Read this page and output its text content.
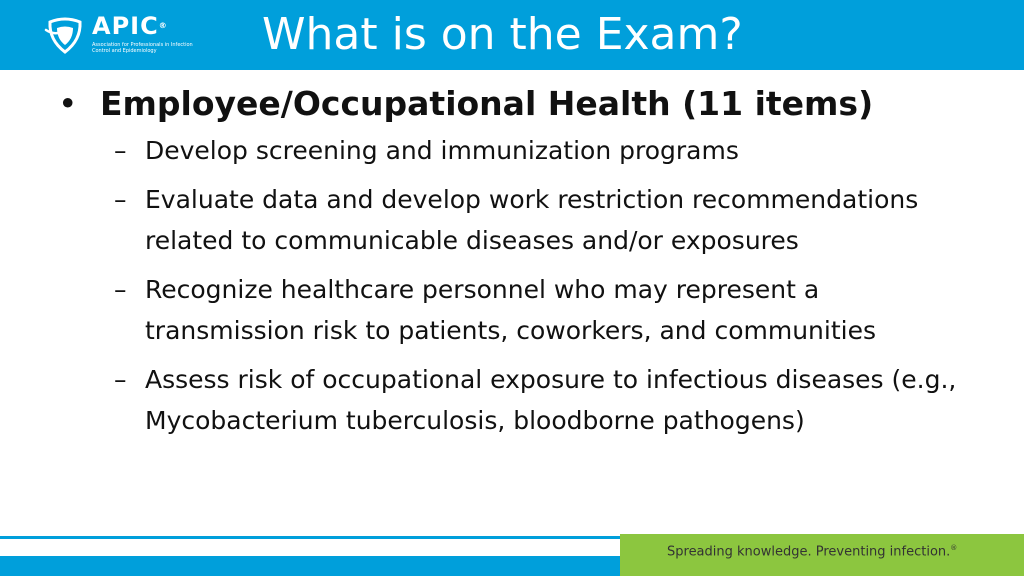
APIC®
Association for Professionals in Infection Control and Epidemiology	What is on the Exam?
• Employee/Occupational Health (11 items)
– Develop screening and immunization programs
– Evaluate data and develop work restriction recommendations related to communicable diseases and/or exposures
– Recognize healthcare personnel who may represent a transmission risk to patients, coworkers, and communities
– Assess risk of occupational exposure to infectious diseases (e.g., Mycobacterium tuberculosis, bloodborne pathogens)
Spreading knowledge. Preventing infection.®
